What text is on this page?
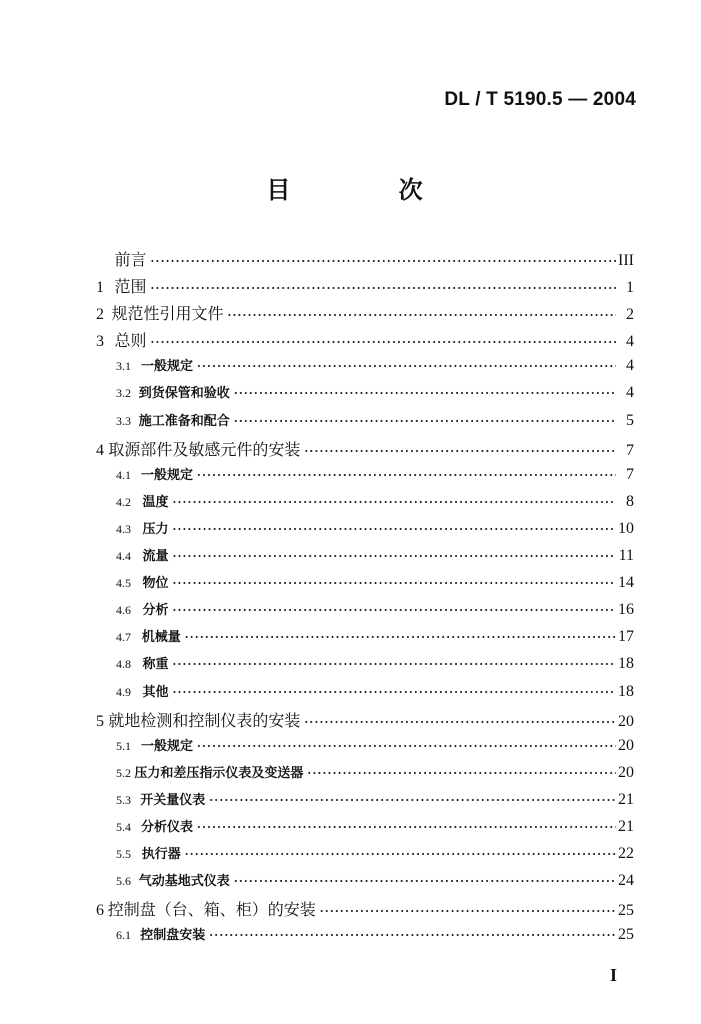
DL / T 5190.5 — 2004
目 次
前言 ·····	III
1 范围 ·····	1
2 规范性引用文件 ·····	2
3 总则 ·····	4
3.1 一般规定 ·····	4
3.2 到货保管和验收 ·····	4
3.3 施工准备和配合 ·····	5
4 取源部件及敏感元件的安装 ·····	7
4.1 一般规定 ·····	7
4.2 温度 ·····	8
4.3 压力 ·····	10
4.4 流量 ·····	11
4.5 物位 ·····	14
4.6 分析 ·····	16
4.7 机械量 ·····	17
4.8 称重 ·····	18
4.9 其他 ·····	18
5 就地检测和控制仪表的安装 ·····	20
5.1 一般规定 ·····	20
5.2 压力和差压指示仪表及变送器 ·····	20
5.3 开关量仪表 ·····	21
5.4 分析仪表 ·····	21
5.5 执行器 ·····	22
5.6 气动基地式仪表 ·····	24
6 控制盘（台、箱、柜）的安装 ·····	25
6.1 控制盘安装 ·····	25
I
